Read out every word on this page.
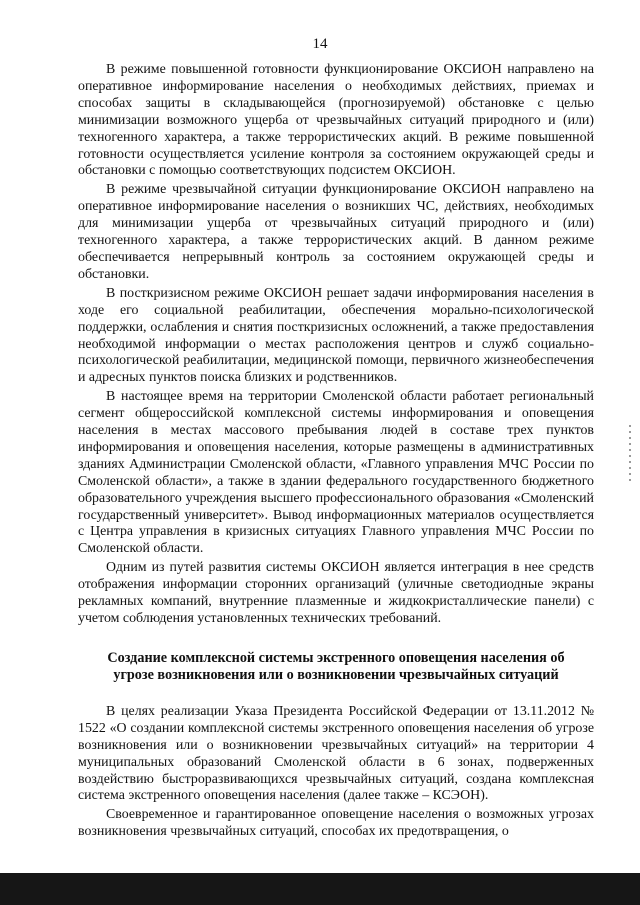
14

В режиме повышенной готовности функционирование ОКСИОН направлено на оперативное информирование населения о необходимых действиях, приемах и способах защиты в складывающейся (прогнозируемой) обстановке с целью минимизации возможного ущерба от чрезвычайных ситуаций природного и (или) техногенного характера, а также террористических акций. В режиме повышенной готовности осуществляется усиление контроля за состоянием окружающей среды и обстановки с помощью соответствующих подсистем ОКСИОН.

В режиме чрезвычайной ситуации функционирование ОКСИОН направлено на оперативное информирование населения о возникших ЧС, действиях, необходимых для минимизации ущерба от чрезвычайных ситуаций природного и (или) техногенного характера, а также террористических акций. В данном режиме обеспечивается непрерывный контроль за состоянием окружающей среды и обстановки.

В посткризисном режиме ОКСИОН решает задачи информирования населения в ходе его социальной реабилитации, обеспечения морально-психологической поддержки, ослабления и снятия посткризисных осложнений, а также предоставления необходимой информации о местах расположения центров и служб социально-психологической реабилитации, медицинской помощи, первичного жизнеобеспечения и адресных пунктов поиска близких и родственников.

В настоящее время на территории Смоленской области работает региональный сегмент общероссийской комплексной системы информирования и оповещения населения в местах массового пребывания людей в составе трех пунктов информирования и оповещения населения, которые размещены в административных зданиях Администрации Смоленской области, «Главного управления МЧС России по Смоленской области», а также в здании федерального государственного бюджетного образовательного учреждения высшего профессионального образования «Смоленский государственный университет». Вывод информационных материалов осуществляется с Центра управления в кризисных ситуациях Главного управления МЧС России по Смоленской области.

Одним из путей развития системы ОКСИОН является интеграция в нее средств отображения информации сторонних организаций (уличные светодиодные экраны рекламных компаний, внутренние плазменные и жидкокристаллические панели) с учетом соблюдения установленных технических требований.

Создание комплексной системы экстренного оповещения населения об
угрозе возникновения или о возникновении чрезвычайных ситуаций

В целях реализации Указа Президента Российской Федерации от 13.11.2012 № 1522 «О создании комплексной системы экстренного оповещения населения об угрозе возникновения или о возникновении чрезвычайных ситуаций» на территории 4 муниципальных образований Смоленской области в 6 зонах, подверженных воздействию быстроразвивающихся чрезвычайных ситуаций, создана комплексная система экстренного оповещения населения (далее также – КСЭОН).

Своевременное и гарантированное оповещение населения о возможных угрозах возникновения чрезвычайных ситуаций, способах их предотвращения, о
